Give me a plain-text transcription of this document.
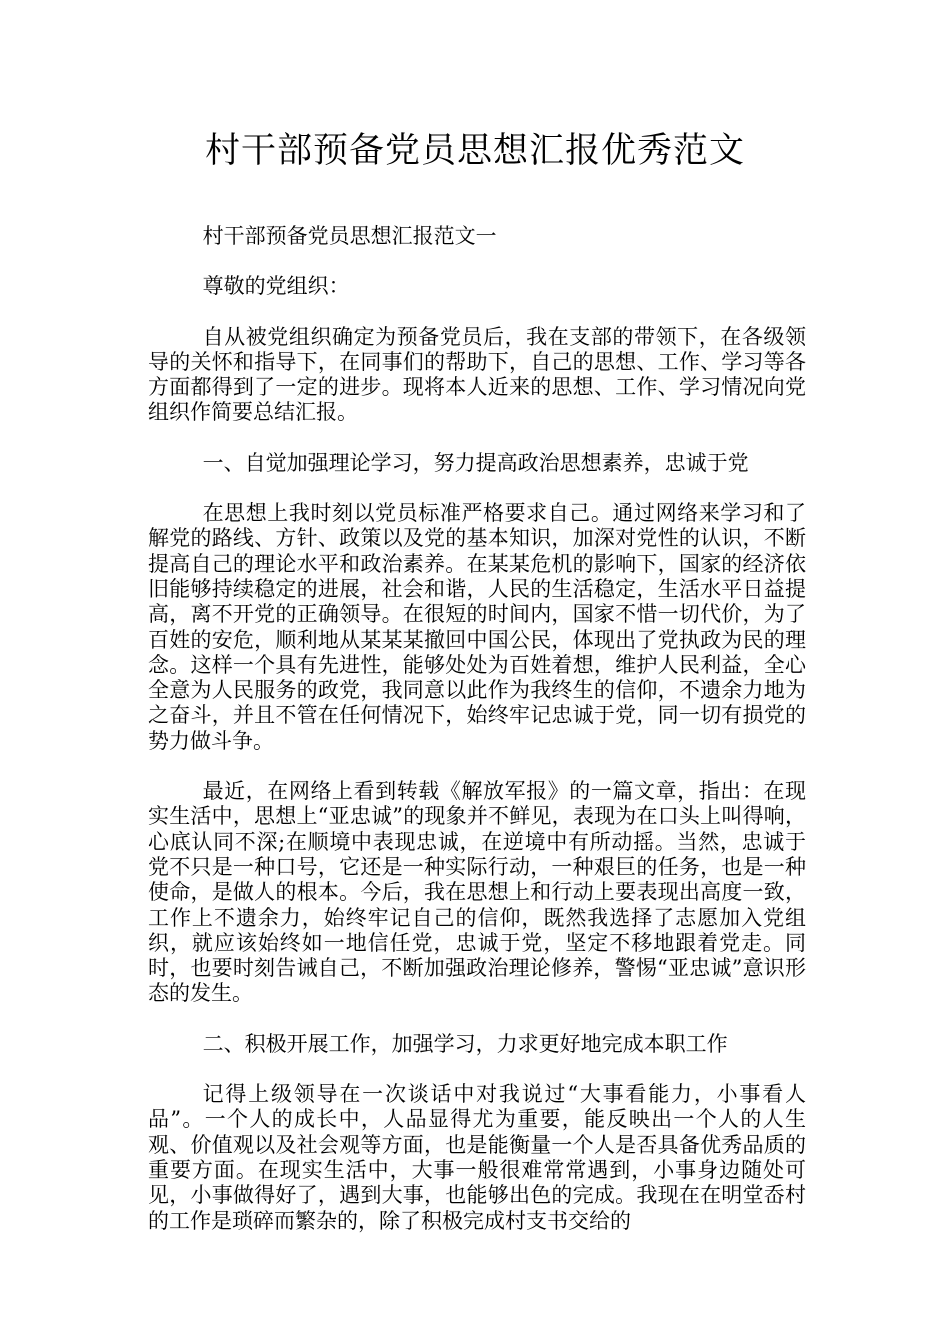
村干部预备党员思想汇报优秀范文

村干部预备党员思想汇报范文一

尊敬的党组织：

自从被党组织确定为预备党员后，我在支部的带领下，在各级领导的关怀和指导下，在同事们的帮助下，自己的思想、工作、学习等各方面都得到了一定的进步。现将本人近来的思想、工作、学习情况向党组织作简要总结汇报。

一、自觉加强理论学习，努力提高政治思想素养，忠诚于党

在思想上我时刻以党员标准严格要求自己。通过网络来学习和了解党的路线、方针、政策以及党的基本知识，加深对党性的认识，不断提高自己的理论水平和政治素养。在某某危机的影响下，国家的经济依旧能够持续稳定的进展，社会和谐，人民的生活稳定，生活水平日益提高，离不开党的正确领导。在很短的时间内，国家不惜一切代价，为了百姓的安危，顺利地从某某某撤回中国公民，体现出了党执政为民的理念。这样一个具有先进性，能够处处为百姓着想，维护人民利益，全心全意为人民服务的政党，我同意以此作为我终生的信仰，不遗余力地为之奋斗，并且不管在任何情况下，始终牢记忠诚于党，同一切有损党的势力做斗争。

最近，在网络上看到转载《解放军报》的一篇文章，指出：在现实生活中，思想上“亚忠诚”的现象并不鲜见，表现为在口头上叫得响，心底认同不深;在顺境中表现忠诚，在逆境中有所动摇。当然，忠诚于党不只是一种口号，它还是一种实际行动，一种艰巨的任务，也是一种使命，是做人的根本。今后，我在思想上和行动上要表现出高度一致，工作上不遗余力，始终牢记自己的信仰，既然我选择了志愿加入党组织，就应该始终如一地信任党，忠诚于党，坚定不移地跟着党走。同时，也要时刻告诫自己，不断加强政治理论修养，警惕“亚忠诚”意识形态的发生。

二、积极开展工作，加强学习，力求更好地完成本职工作

记得上级领导在一次谈话中对我说过“大事看能力，小事看人品”。一个人的成长中，人品显得尤为重要，能反映出一个人的人生观、价值观以及社会观等方面，也是能衡量一个人是否具备优秀品质的重要方面。在现实生活中，大事一般很难常常遇到，小事身边随处可见，小事做得好了，遇到大事，也能够出色的完成。我现在在明堂岙村的工作是琐碎而繁杂的，除了积极完成村支书交给的
